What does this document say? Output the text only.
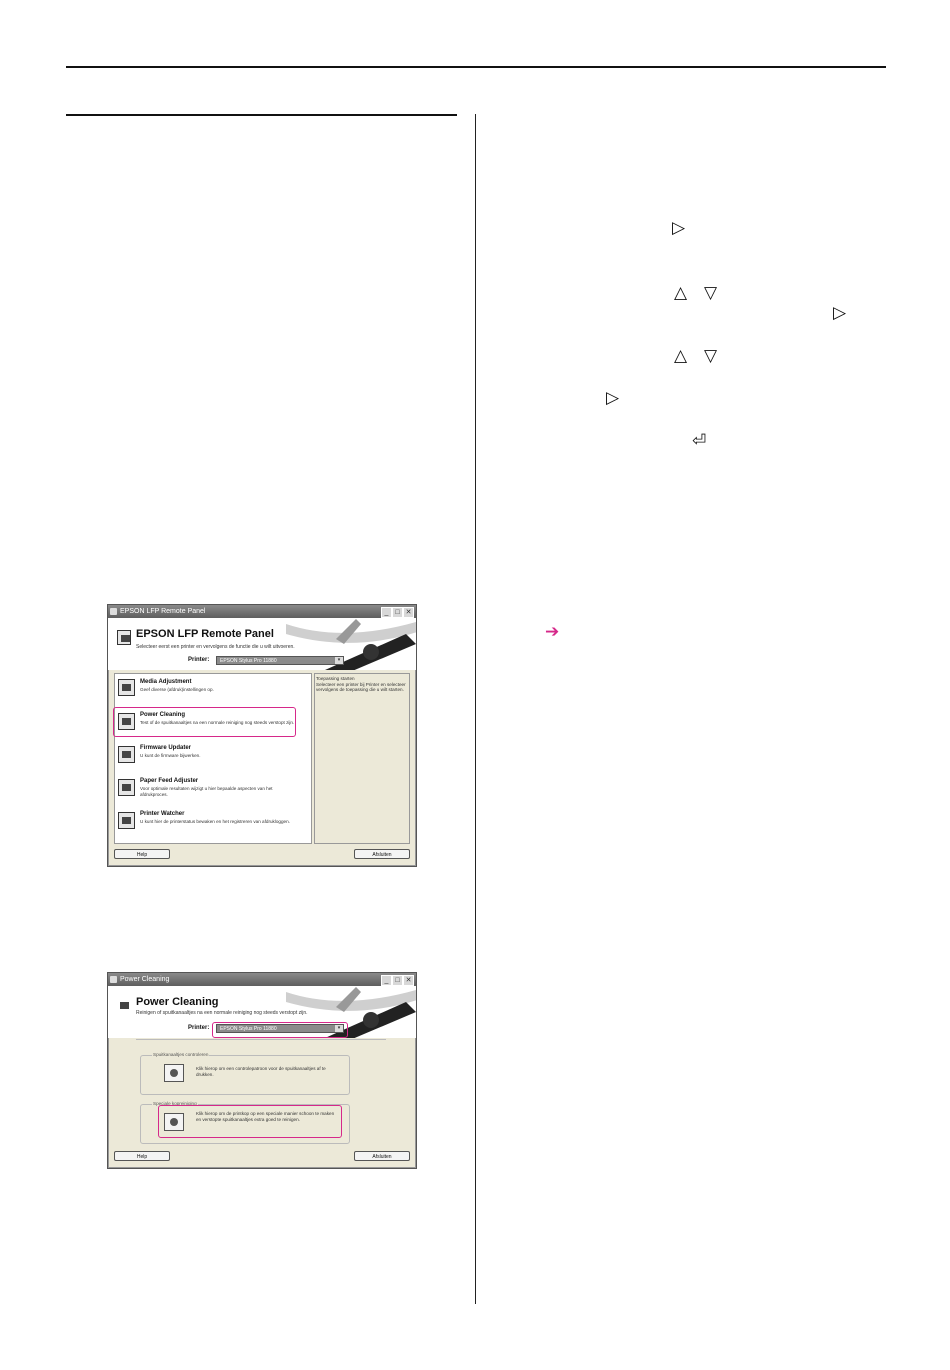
▷
△ ▽
▷
△ ▽
▷
⏎
➔
EPSON LFP Remote Panel	_ □ ✕
EPSON LFP Remote Panel
Selecteer eerst een printer en vervolgens de functie die u wilt uitvoeren.
Printer:	EPSON Stylus Pro 11880	▾
Media Adjustment
Geef diverse (afdruk)instellingen op.
Power Cleaning
Test of de spuitkanaaltjes na een normale reiniging nog steeds verstopt zijn.
Firmware Updater
U kunt de firmware bijwerken.
Paper Feed Adjuster
Voor optimale resultaten wijzigt u hier bepaalde aspecten van het afdrukproces.
Printer Watcher
U kunt hier de printerstatus bewaken en het registreren van afdrukloggen.
Toepassing starten
Selecteer een printer bij Printer en selecteer vervolgens de toepassing die u wilt starten.
Help	Afsluiten
Power Cleaning	_ □ ✕
Power Cleaning
Reinigen of spuitkanaaltjes na een normale reiniging nog steeds verstopt zijn.
Printer:	EPSON Stylus Pro 11880	▾
Spuitkanaaltjes controleren
Klik hierop om een controlepatroon voor de spuitkanaaltjes af te drukken.
Speciale kopreiniging
Klik hierop om de printkop op een speciale manier schoon te maken en verstopte spuitkanaaltjes extra goed te reinigen.
Help	Afsluiten
